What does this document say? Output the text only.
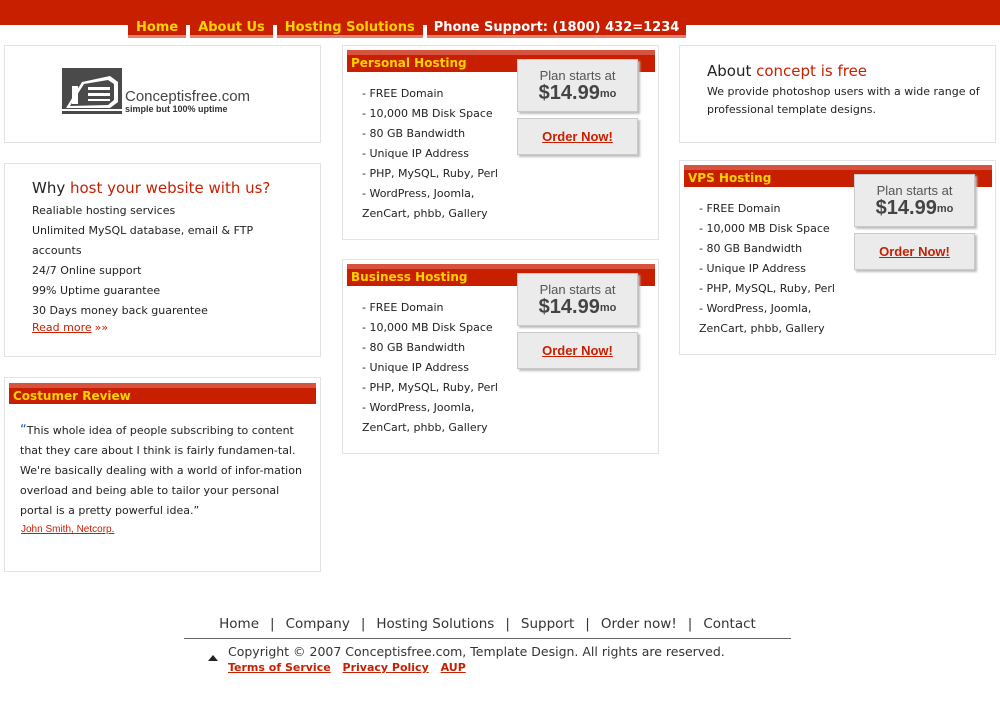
Home	About Us	Hosting Solutions	Phone Support: (1800) 432=1234
Conceptisfree.com
simple but 100% uptime
Why host your website with us?
Realiable hosting services
Unlimited MySQL database, email & FTP accounts
24/7 Online support
99% Uptime guarantee
30 Days money back guarentee
Read more »»
Costumer Review
“This whole idea of people subscribing to content that they care about I think is fairly fundamen-tal. We're basically dealing with a world of infor-mation overload and being able to tailor your personal portal is a pretty powerful idea.”
John Smith, Netcorp.
Personal Hosting
- FREE Domain
- 10,000 MB Disk Space
- 80 GB Bandwidth
- Unique IP Address
- PHP, MySQL, Ruby, Perl
- WordPress, Joomla, ZenCart, phbb, Gallery
Plan starts at
$\$14.99^{mo}$
Order Now!
Business Hosting
- FREE Domain
- 10,000 MB Disk Space
- 80 GB Bandwidth
- Unique IP Address
- PHP, MySQL, Ruby, Perl
- WordPress, Joomla, ZenCart, phbb, Gallery
Plan starts at
$\$14.99^{mo}$
Order Now!
About concept is free
We provide photoshop users with a wide range of professional template designs.
VPS Hosting
- FREE Domain
- 10,000 MB Disk Space
- 80 GB Bandwidth
- Unique IP Address
- PHP, MySQL, Ruby, Perl
- WordPress, Joomla, ZenCart, phbb, Gallery
Plan starts at
$\$14.99^{mo}$
Order Now!
Home | Company | Hosting Solutions | Support | Order now! | Contact
Copyright © 2007 Conceptisfree.com, Template Design. All rights are reserved.
Terms of Service Privacy Policy AUP
